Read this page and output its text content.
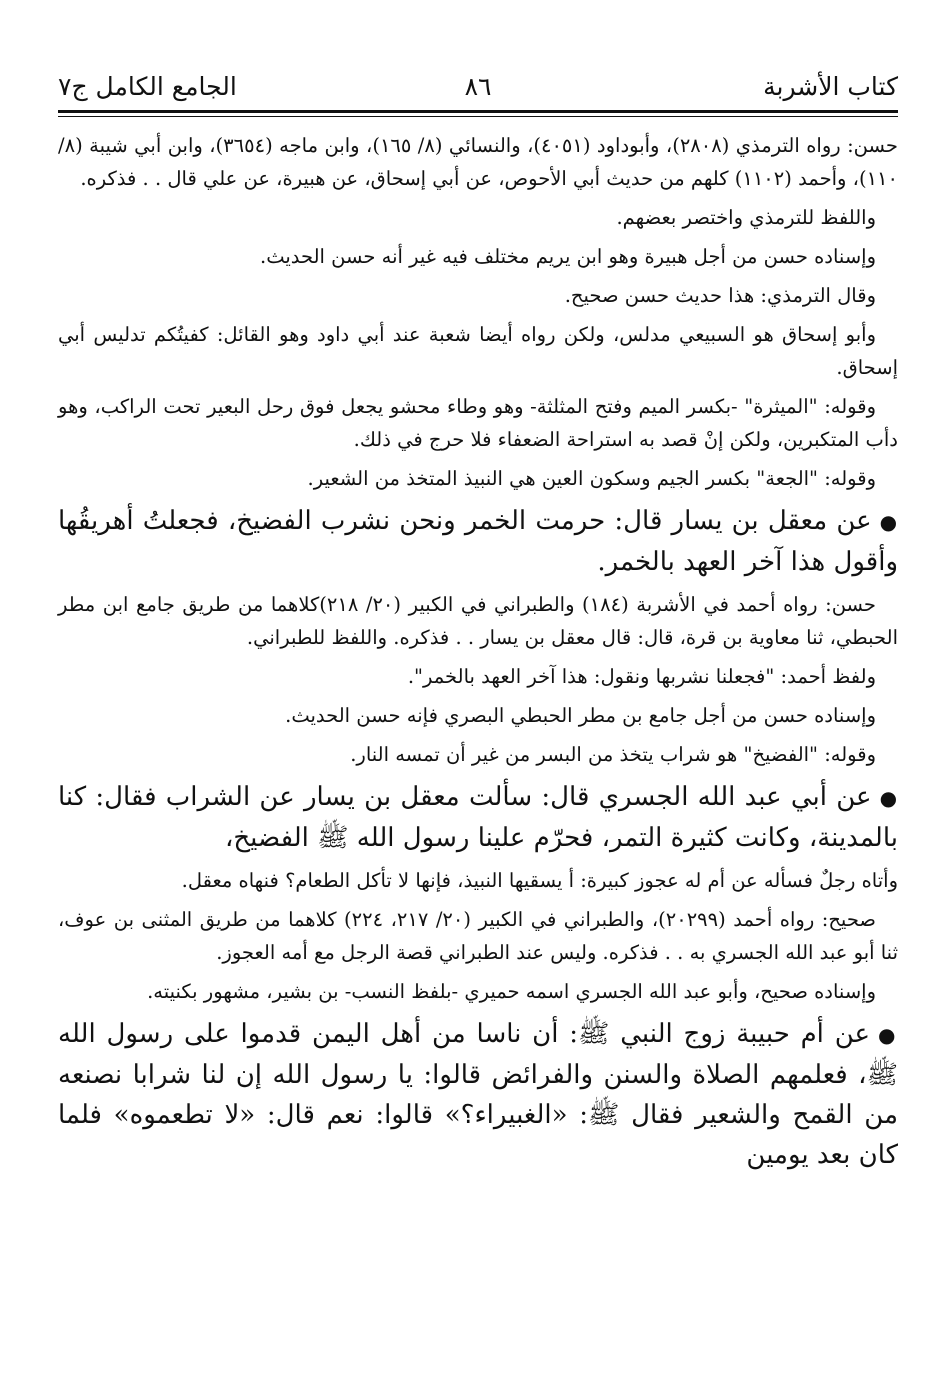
كتاب الأشربة
٨٦
الجامع الكامل ج٧

حسن: رواه الترمذي (٢٨٠٨)، وأبوداود (٤٠٥١)، والنسائي (٨/ ١٦٥)، وابن ماجه (٣٦٥٤)، وابن أبي شيبة (٨/ ١١٠)، وأحمد (١١٠٢) كلهم من حديث أبي الأحوص، عن أبي إسحاق، عن هبيرة، عن علي قال . . فذكره.

واللفظ للترمذي واختصر بعضهم.

وإسناده حسن من أجل هبيرة وهو ابن يريم مختلف فيه غير أنه حسن الحديث.

وقال الترمذي: هذا حديث حسن صحيح.

وأبو إسحاق هو السبيعي مدلس، ولكن رواه أيضا شعبة عند أبي داود وهو القائل: كفيتُكم تدليس أبي إسحاق.

وقوله: "الميثرة" -بكسر الميم وفتح المثلثة- وهو وطاء محشو يجعل فوق رحل البعير تحت الراكب، وهو دأب المتكبرين، ولكن إنْ قصد به استراحة الضعفاء فلا حرج في ذلك.

وقوله: "الجعة" بكسر الجيم وسكون العين هي النبيذ المتخذ من الشعير.

●عن معقل بن يسار قال: حرمت الخمر ونحن نشرب الفضيخ، فجعلتُ أهريقُها وأقول هذا آخر العهد بالخمر.

حسن: رواه أحمد في الأشربة (١٨٤) والطبراني في الكبير (٢٠/ ٢١٨)كلاهما من طريق جامع ابن مطر الحبطي، ثنا معاوية بن قرة، قال: قال معقل بن يسار . . فذكره. واللفظ للطبراني.

ولفظ أحمد: "فجعلنا نشربها ونقول: هذا آخر العهد بالخمر".

وإسناده حسن من أجل جامع بن مطر الحبطي البصري فإنه حسن الحديث.

وقوله: "الفضيخ" هو شراب يتخذ من البسر من غير أن تمسه النار.

●عن أبي عبد الله الجسري قال: سألت معقل بن يسار عن الشراب فقال: كنا بالمدينة، وكانت كثيرة التمر، فحرّم علينا رسول الله ﷺ الفضيخ،

وأتاه رجلٌ فسأله عن أم له عجوز كبيرة: أ يسقيها النبيذ، فإنها لا تأكل الطعام؟ فنهاه معقل.

صحيح: رواه أحمد (٢٠٢٩٩)، والطبراني في الكبير (٢٠/ ٢١٧، ٢٢٤) كلاهما من طريق المثنى بن عوف، ثنا أبو عبد الله الجسري به . . فذكره. وليس عند الطبراني قصة الرجل مع أمه العجوز.

وإسناده صحيح، وأبو عبد الله الجسري اسمه حميري -بلفظ النسب- بن بشير، مشهور بكنيته.

●عن أم حبيبة زوج النبي ﷺ: أن ناسا من أهل اليمن قدموا على رسول الله ﷺ، فعلمهم الصلاة والسنن والفرائض قالوا: يا رسول الله إن لنا شرابا نصنعه من القمح والشعير فقال ﷺ: «الغبيراء؟» قالوا: نعم قال: «لا تطعموه» فلما كان بعد يومين
